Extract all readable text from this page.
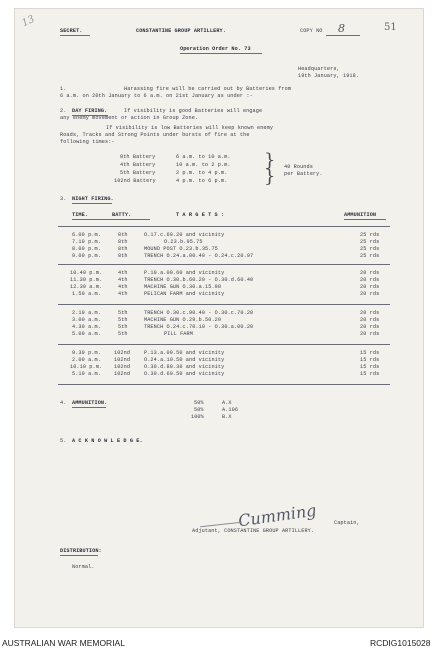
13
SECRET.	CONSTANTINE GROUP ARTILLERY.	COPY NO 8	51
Operation Order No. 73
Headquarters,
19th January, 1918.
1.	Harassing fire will be carried out by Batteries from
6 a.m. on 20th January to 6 a.m. on 21st January as under :-
2. DAY FIRING.	If visibility is good Batteries will engage
any enemy movement or action in Group Zone.
If visibility is low Batteries will keep known enemy
Roads, Tracks and Strong Points under bursts of fire at the
following times:-
8th Battery	6 a.m. to 10 a.m.
4th Battery	10 a.m. to 2 p.m.
5th Battery	2 p.m. to 4 p.m.
102nd Battery	4 p.m. to 6 p.m.
}
} 40 Rounds
per Battery.
3. NIGHT FIRING.
TIME.	BATTY.	T A R G E T S :	AMMUNITION
6.00 p.m.	8th	O.17.c.60.20 and vicinity	25 rds
7.10 p.m.	8th	O.23.b.95.75	25 rds
8.00 p.m.	8th	MOUND POST O.23.b.35.75	25 rds
9.00 p.m.	8th	TRENCH O.24.a.00.40 - O.24.c.20.97	25 rds
10.40 p.m.	4th	P.19.a.00.60 and vicinity	20 rds
11.30 p.m.	4th	TRENCH O.30.b.60.20 - O.30.d.60.40	20 rds
12.30 a.m.	4th	MACHINE GUN O.30.a.15.90	20 rds
1.50 a.m.	4th	PELICAN FARM and vicinity	20 rds
2.10 a.m.	5th	TRENCH O.30.c.90.40 - O.30.c.70.20	20 rds
3.00 a.m.	5th	MACHINE GUN O.29.b.50.20	20 rds
4.30 a.m.	5th	TRENCH O.24.c.70.10 - O.30.a.00.20	20 rds
5.00 a.m.	5th	PILL FARM	20 rds
9.30 p.m.	102nd	P.13.a.00.50 and vicinity	15 rds
2.00 a.m.	102nd	O.24.a.10.50 and vicinity	15 rds
10.10 p.m. 102nd	O.30.d.80.30 and vicinity	15 rds
5.10 a.m.	102nd	O.30.d.60.50 and vicinity	15 rds
4. AMMUNITION.	50%	A.X
50%	A.106
100%	B.X
5. A C K N O W L E D G E.
Cumming	Captain,
Adjutant, CONSTANTINE GROUP ARTILLERY.
DISTRIBUTION:
Normal.
AUSTRALIAN WAR MEMORIAL	RCDIG1015028
